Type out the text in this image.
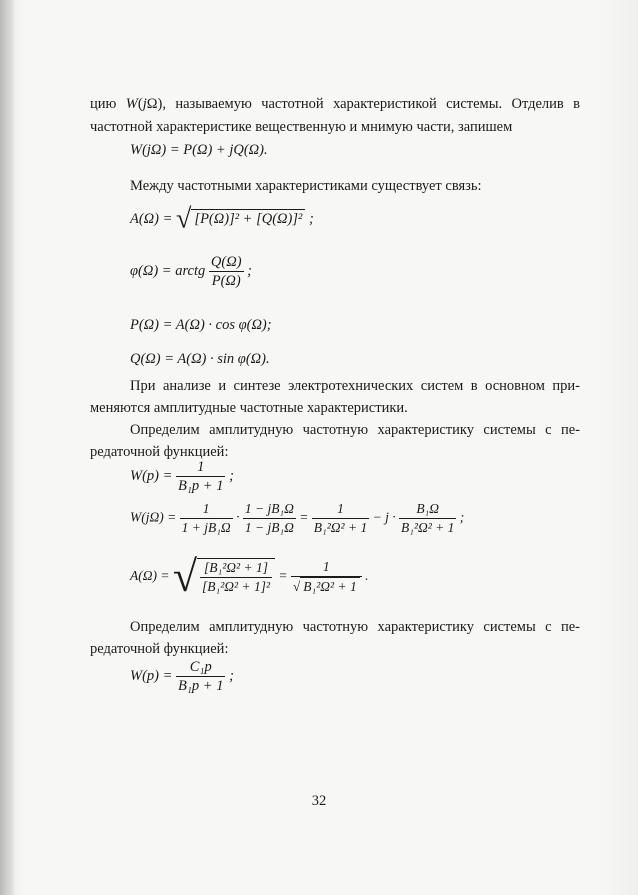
цию W(jΩ), называемую частотной характеристикой системы. Отделив в
частотной характеристике вещественную и мнимую части, запишем
W(jΩ) = P(Ω) + jQ(Ω).
Между частотными характеристиками существует связь:
A(Ω) = √ [P(Ω)]² + [Q(Ω)]² ;
φ(Ω) = arctg $\frac{Q(\Omega)}{P(\Omega)}$ ;
P(Ω) = A(Ω) · cos φ(Ω);
Q(Ω) = A(Ω) · sin φ(Ω).
При анализе и синтезе электротехнических систем в основном при-
меняются амплитудные частотные характеристики.
Определим амплитудную частотную характеристику системы с пе-
редаточной функцией:
$W(p) = \frac{1}{\text{B₁p + 1}}$ ;
$W(j\Omega) = \frac{1}{\text{1 + jB₁Ω}} \cdot \frac{\text{1 − jB₁Ω}}{\text{1 − jB₁Ω}} = \frac{1}{\text{B₁²Ω² + 1}} - j \cdot \frac{\text{B₁Ω}}{\text{B₁²Ω² + 1}}$ ;
A(Ω) = √ $\frac{\text{[B₁²Ω² + 1]}}{\text{[B₁²Ω² + 1]²}} = \frac{1}{\text{√ B₁²Ω² + 1}}$ .
Определим амплитудную частотную характеристику системы с пе-
редаточной функцией:
$W(p) = \frac{\text{C₁p}}{\text{B₁p + 1}}$ ;
32
